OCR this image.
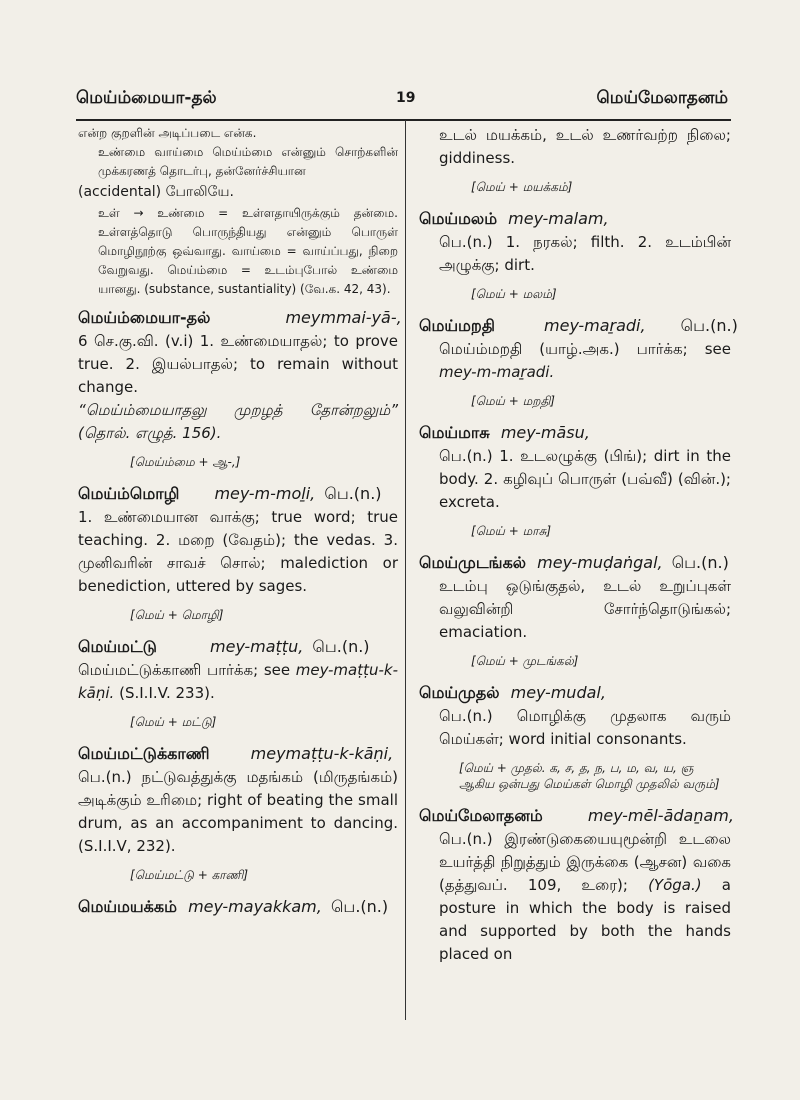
மெய்ம்மையா-தல்	19	மெய்மேலாதனம்

என்ற குறளின் அடிப்படை என்க.

உண்மை வாய்மை மெய்ம்மை என்னும் சொற்களின் முக்கரணத் தொடர்பு, தன்னேர்ச்சியான

(accidental) போலியே.

உள் → உண்மை = உள்ளதாயிருக்கும் தன்மை. உள்ளத்தொடு பொருந்தியது என்னும் பொருள் மொழிநூற்கு ஒவ்வாது. வாய்மை = வாய்ப்பது, நிறை வேறுவது. மெய்ம்மை = உடம்புபோல் உண்மை யானது. (substance, sustantiality) (வே.க. 42, 43).

மெய்ம்மையா-தல்	meymmai-yā-,

6 செ.கு.வி. (v.i) 1. உண்மையாதல்; to prove true. 2. இயல்பாதல்; to remain without change.

“மெய்ம்மையாதலு முறழத் தோன்றலும்” (தொல். எழுத். 156).

[மெய்ம்மை + ஆ-,]
மெய்ம்மொழி mey-m-moḻi, பெ.(n.)

1. உண்மையான வாக்கு; true word; true teaching. 2. மறை (வேதம்); the vedas. 3. முனிவரின் சாவச் சொல்; malediction or benediction, uttered by sages.

[மெய் + மொழி]
மெய்மட்டு	mey-maṭṭu, பெ.(n.)

மெய்மட்டுக்காணி பார்க்க; see mey-maṭṭu-k-kāṇi. (S.I.I.V. 233).

[மெய் + மட்டு]
மெய்மட்டுக்காணி	meymaṭṭu-k-kāṇi,

பெ.(n.) நட்டுவத்துக்கு மதங்கம் (மிருதங்கம்) அடிக்கும் உரிமை; right of beating the small drum, as an accompaniment to dancing. (S.I.I.V, 232).

[மெய்மட்டு + காணி]
மெய்மயக்கம் mey-mayakkam, பெ.(n.)

உடல் மயக்கம், உடல் உணர்வற்ற நிலை; giddiness.

[மெய் + மயக்கம்]
மெய்மலம் mey-malam,

பெ.(n.) 1. நரகல்; filth. 2. உடம்பின் அழுக்கு; dirt.

[மெய் + மலம்]
மெய்மறதி	mey-maṟadi, பெ.(n.)

மெய்ம்மறதி (யாழ்.அக.) பார்க்க; see mey-m-maṟadi.

[மெய் + மறதி]
மெய்மாசு mey-māsu,

பெ.(n.) 1. உடலழுக்கு (பிங்); dirt in the body. 2. கழிவுப் பொருள் (பவ்வீ) (வின்.); excreta.

[மெய் + மாசு]
மெய்முடங்கல் mey-muḍaṅgal, பெ.(n.)

உடம்பு ஒடுங்குதல், உடல் உறுப்புகள் வலுவின்றி சோர்ந்தொடுங்கல்; emaciation.

[மெய் + முடங்கல்]
மெய்முதல் mey-mudal,

பெ.(n.) மொழிக்கு முதலாக வரும் மெய்கள்; word initial consonants.

[மெய் + முதல். க, ச, த, ந, ப, ம, வ, ய, ஞ ஆகிய ஒன்பது மெய்கள் மொழி முதலில் வரும்]
மெய்மேலாதனம்	mey-mēl-ādaṉam,

பெ.(n.) இரண்டுகையையுமூன்றி உடலை உயர்த்தி நிறுத்தும் இருக்கை (ஆசன) வகை (தத்துவப். 109, உரை); (Yōga.) a posture in which the body is raised and supported by both the hands placed on
